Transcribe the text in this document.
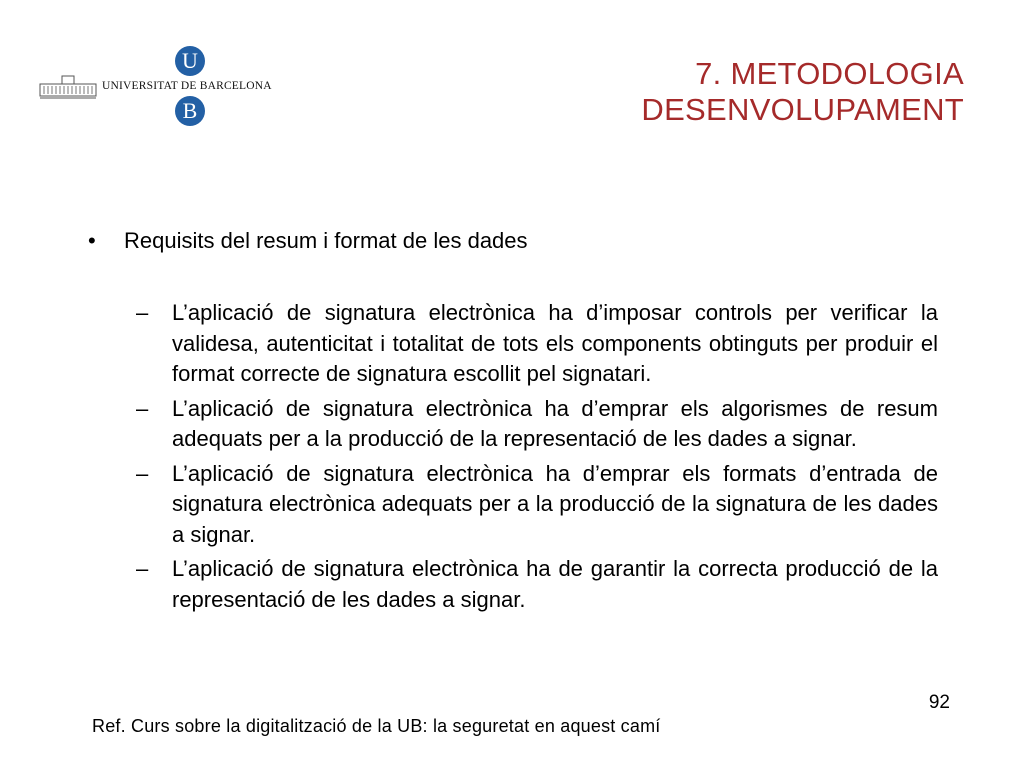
U
UNIVERSITAT DE BARCELONA
B
7. METODOLOGIA
DESENVOLUPAMENT
•	Requisits del resum i format de les dades
–	L’aplicació de signatura electrònica ha d’imposar controls per verificar la validesa, autenticitat i totalitat de tots els components obtinguts per produir el format correcte de signatura escollit pel signatari.
–	L’aplicació de signatura electrònica ha d’emprar els algorismes de resum adequats per a la producció de la representació de les dades a signar.
–	L’aplicació de signatura electrònica ha d’emprar els formats d’entrada de signatura electrònica adequats per a la producció de la signatura de les dades a signar.
–	L’aplicació de signatura electrònica ha de garantir la correcta producció de la representació de les dades a signar.
92
Ref. Curs sobre la digitalització de la UB: la seguretat en aquest camí
